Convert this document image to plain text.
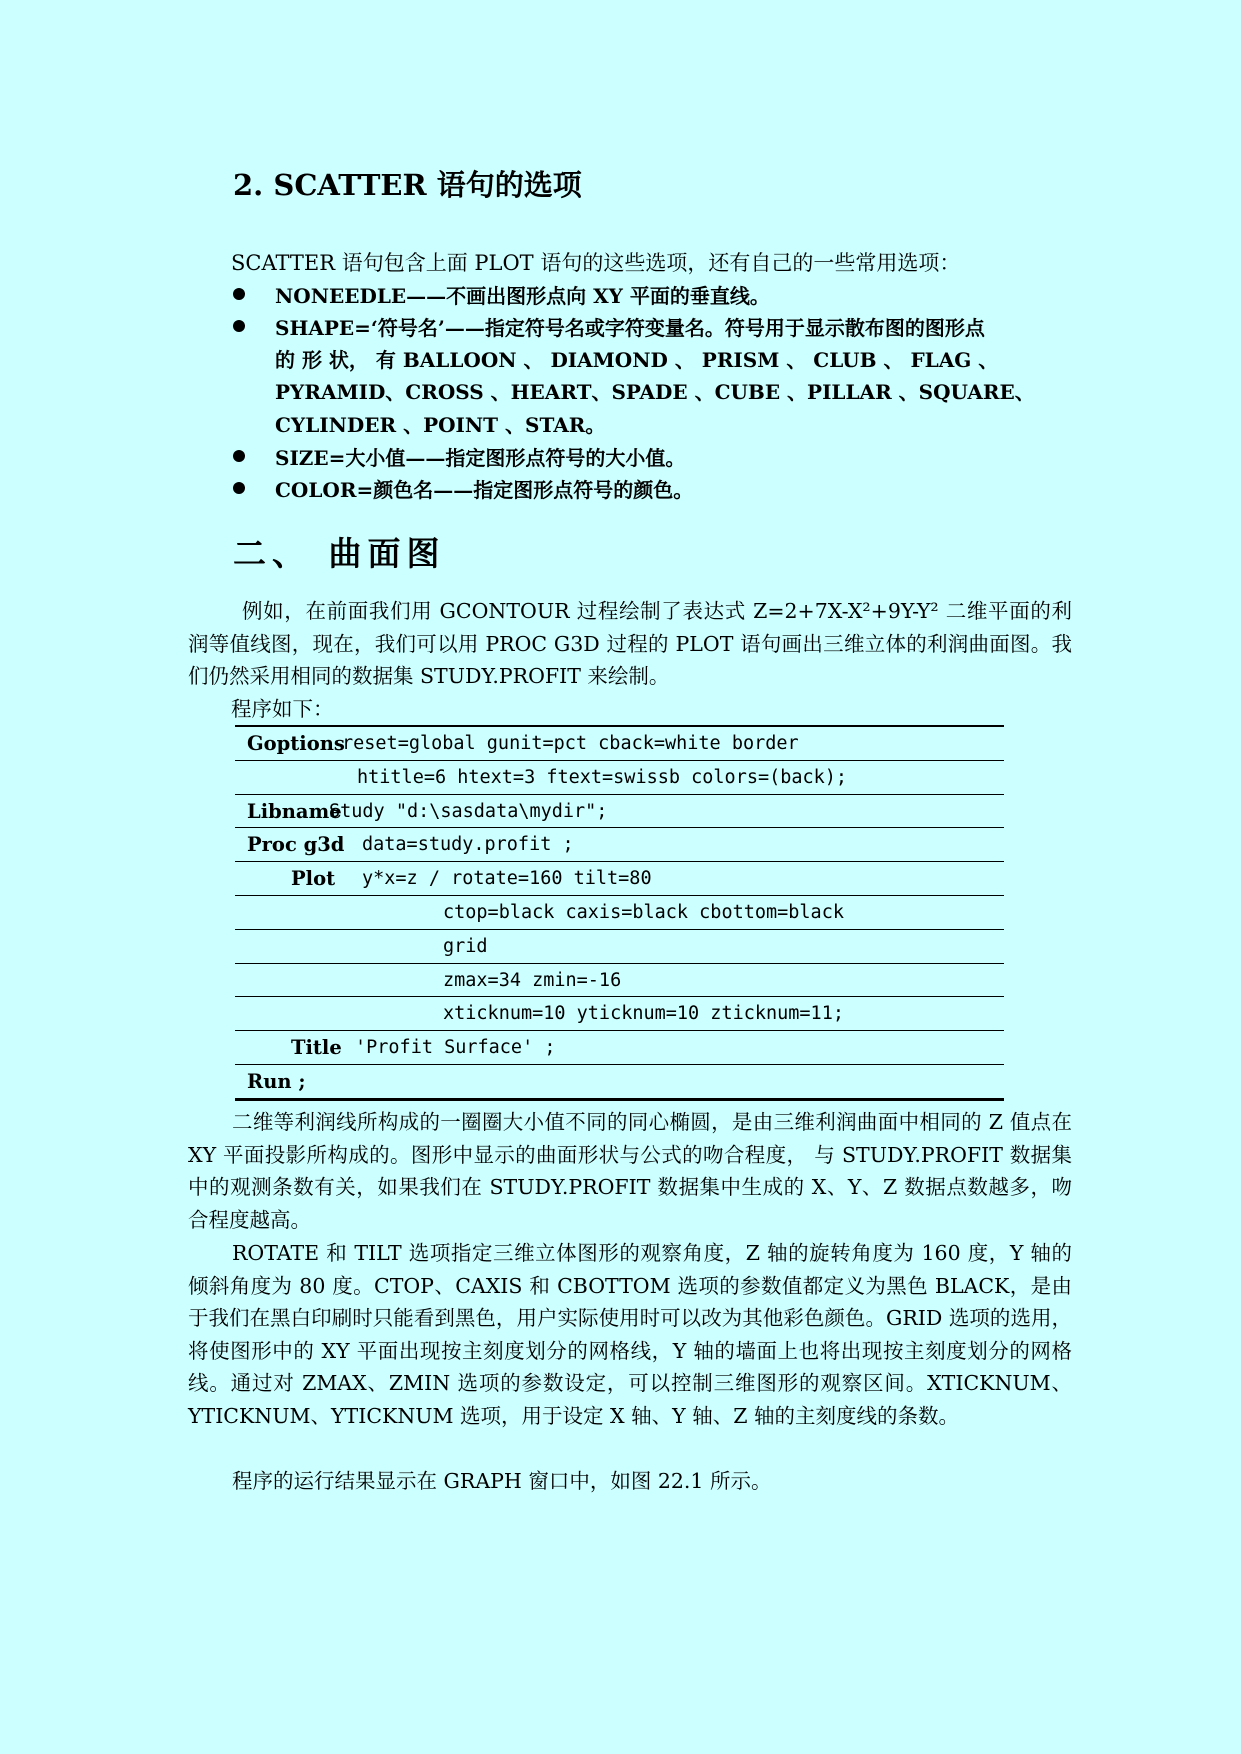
2. SCATTER 语句的选项
SCATTER 语句包含上面 PLOT 语句的这些选项，还有自己的一些常用选项：
NONEEDLE——不画出图形点向 XY 平面的垂直线。
SHAPE=‘符号名’——指定符号名或字符变量名。符号用于显示散布图的图形点
的 形 状， 有 BALLOON 、 DIAMOND 、 PRISM 、 CLUB 、 FLAG 、
PYRAMID、CROSS 、HEART、SPADE 、CUBE 、PILLAR 、SQUARE、
CYLINDER 、POINT 、STAR。
SIZE=大小值——指定图形点符号的大小值。
COLOR=颜色名——指定图形点符号的颜色。
二、 曲面图
例如，在前面我们用 GCONTOUR 过程绘制了表达式 Z=2+7X-X²+9Y-Y² 二维平面的利润等值线图，现在，我们可以用 PROC G3D 过程的 PLOT 语句画出三维立体的利润曲面图。我们仍然采用相同的数据集 STUDY.PROFIT 来绘制。
程序如下：
Goptions
reset=global gunit=pct cback=white border
htitle=6 htext=3 ftext=swissb colors=(back);
Libname
Study "d:\sasdata\mydir";
Proc g3d data=study.profit ;
Plot y*x=z / rotate=160 tilt=80
ctop=black caxis=black cbottom=black
grid
zmax=34 zmin=-16
xticknum=10 yticknum=10 zticknum=11;
Title 'Profit Surface' ;
Run ;
二维等利润线所构成的一圈圈大小值不同的同心椭圆，是由三维利润曲面中相同的 Z 值点在 XY 平面投影所构成的。图形中显示的曲面形状与公式的吻合程度， 与 STUDY.PROFIT 数据集中的观测条数有关，如果我们在 STUDY.PROFIT 数据集中生成的 X、Y、Z 数据点数越多，吻合程度越高。
ROTATE 和 TILT 选项指定三维立体图形的观察角度，Z 轴的旋转角度为 160 度，Y 轴的倾斜角度为 80 度。CTOP、CAXIS 和 CBOTTOM 选项的参数值都定义为黑色 BLACK，是由于我们在黑白印刷时只能看到黑色，用户实际使用时可以改为其他彩色颜色。GRID 选项的选用，将使图形中的 XY 平面出现按主刻度划分的网格线，Y 轴的墙面上也将出现按主刻度划分的网格线。通过对 ZMAX、ZMIN 选项的参数设定，可以控制三维图形的观察区间。XTICKNUM、YTICKNUM、YTICKNUM 选项，用于设定 X 轴、Y 轴、Z 轴的主刻度线的条数。
程序的运行结果显示在 GRAPH 窗口中，如图 22.1 所示。
